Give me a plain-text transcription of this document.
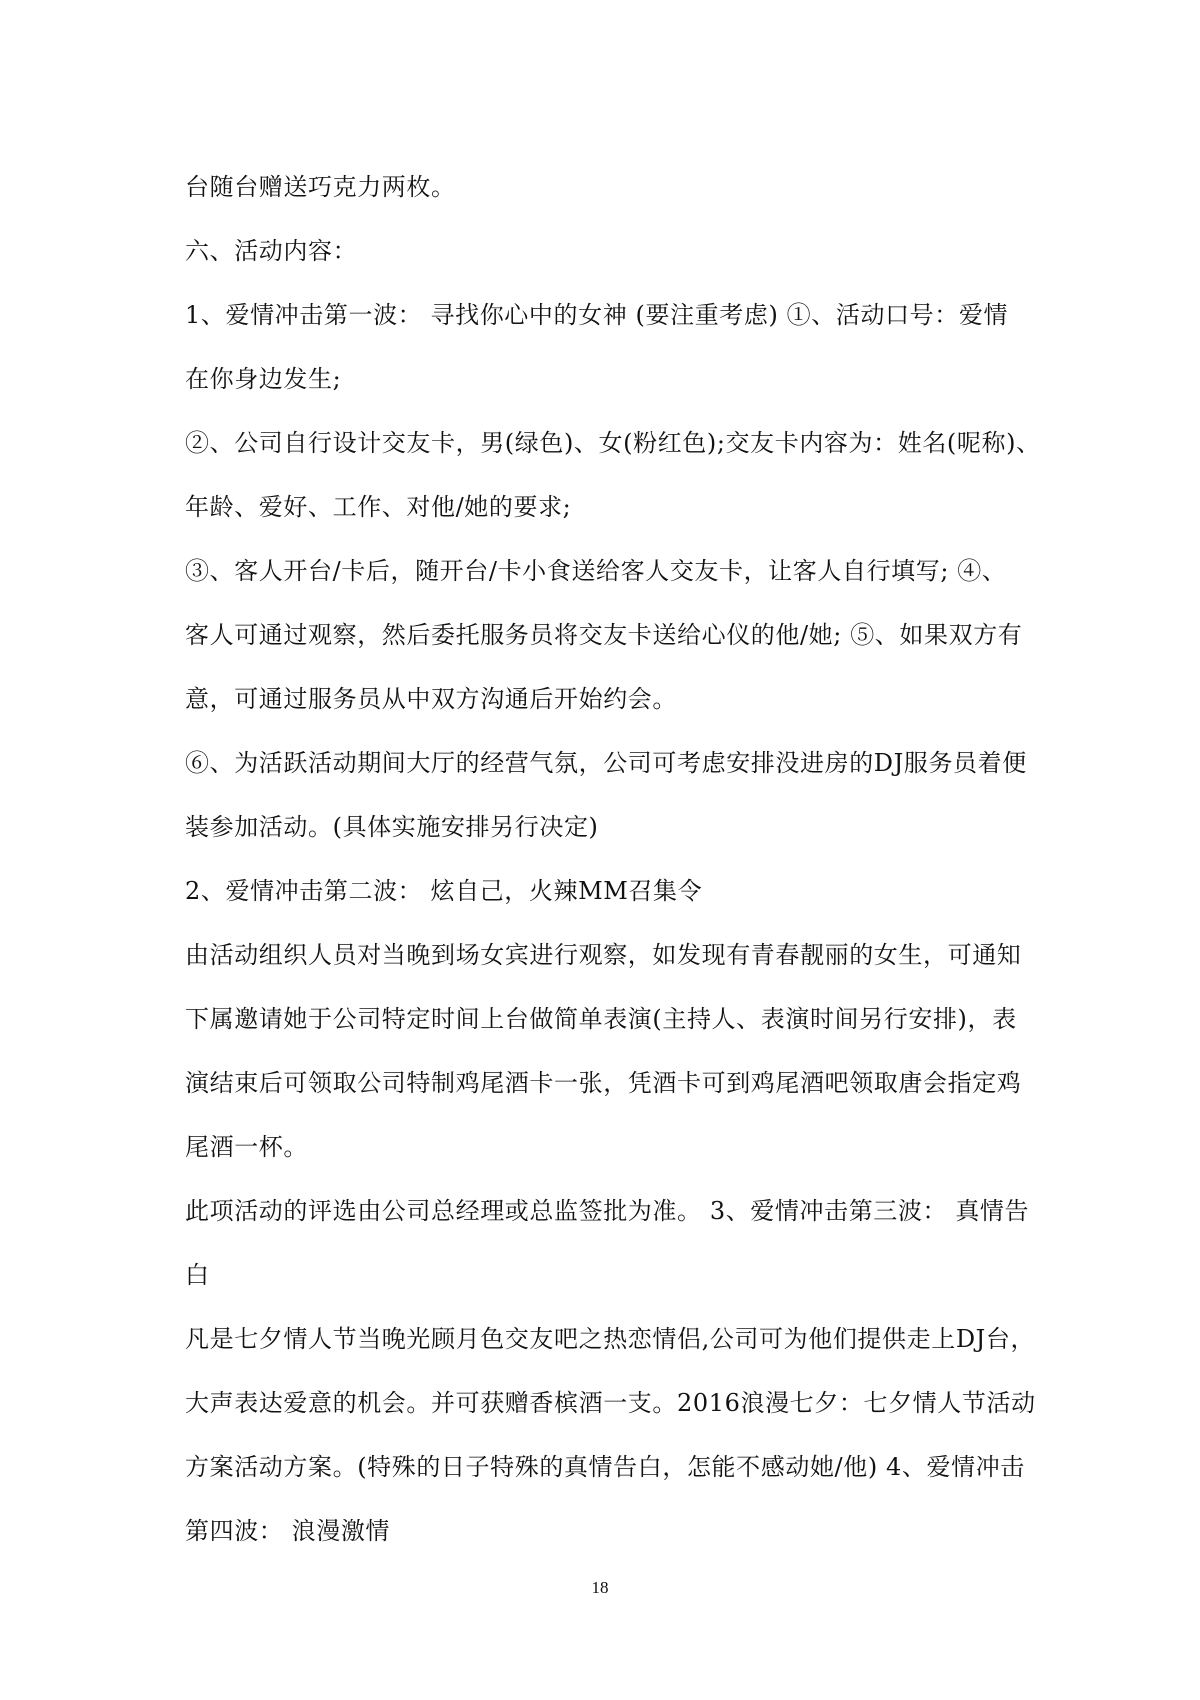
台随台赠送巧克力两枚。
六、活动内容：
1、爱情冲击第一波： 寻找你心中的女神 (要注重考虑) ①、活动口号：爱情
在你身边发生;
②、公司自行设计交友卡，男(绿色)、女(粉红色);交友卡内容为：姓名(呢称)、
年龄、爱好、工作、对他/她的要求;
③、客人开台/卡后，随开台/卡小食送给客人交友卡，让客人自行填写; ④、
客人可通过观察，然后委托服务员将交友卡送给心仪的他/她; ⑤、如果双方有
意，可通过服务员从中双方沟通后开始约会。
⑥、为活跃活动期间大厅的经营气氛，公司可考虑安排没进房的DJ服务员着便
装参加活动。(具体实施安排另行决定)
2、爱情冲击第二波： 炫自己，火辣MM召集令
由活动组织人员对当晚到场女宾进行观察，如发现有青春靓丽的女生，可通知
下属邀请她于公司特定时间上台做简单表演(主持人、表演时间另行安排)，表
演结束后可领取公司特制鸡尾酒卡一张，凭酒卡可到鸡尾酒吧领取唐会指定鸡
尾酒一杯。
此项活动的评选由公司总经理或总监签批为准。 3、爱情冲击第三波： 真情告
白
凡是七夕情人节当晚光顾月色交友吧之热恋情侣,公司可为他们提供走上DJ台，
大声表达爱意的机会。并可获赠香槟酒一支。2016浪漫七夕：七夕情人节活动
方案活动方案。(特殊的日子特殊的真情告白，怎能不感动她/他) 4、爱情冲击
第四波： 浪漫激情
18
